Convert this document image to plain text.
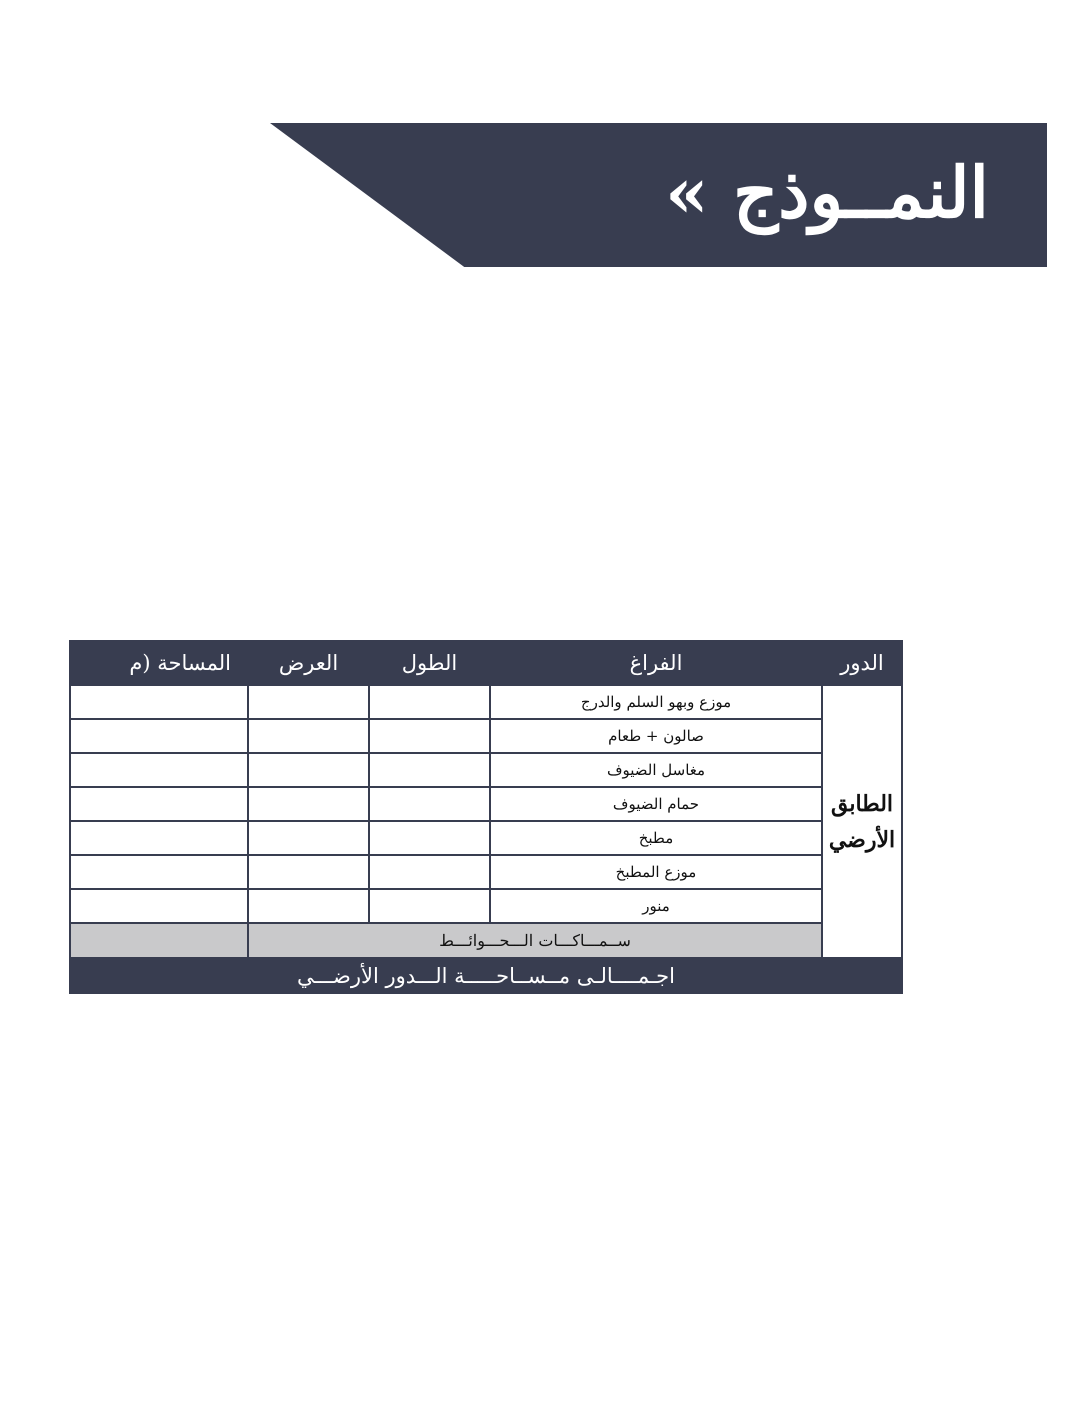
النمــوذج »
الدور	الفراغ	الطول	العرض	المساحة (م

الطابق
الأرضي	موزع وبهو السلم والدرج			
	صالون + طعام			
	مغاسل الضيوف			
	حمام الضيوف			
	مطبخ			
	موزع المطبخ			
	منور			
	ســمـــاكـــات الـــحـــوائـــط			
اجـمــــالـى مــســاحـــــة الـــدور الأرضـــي				
